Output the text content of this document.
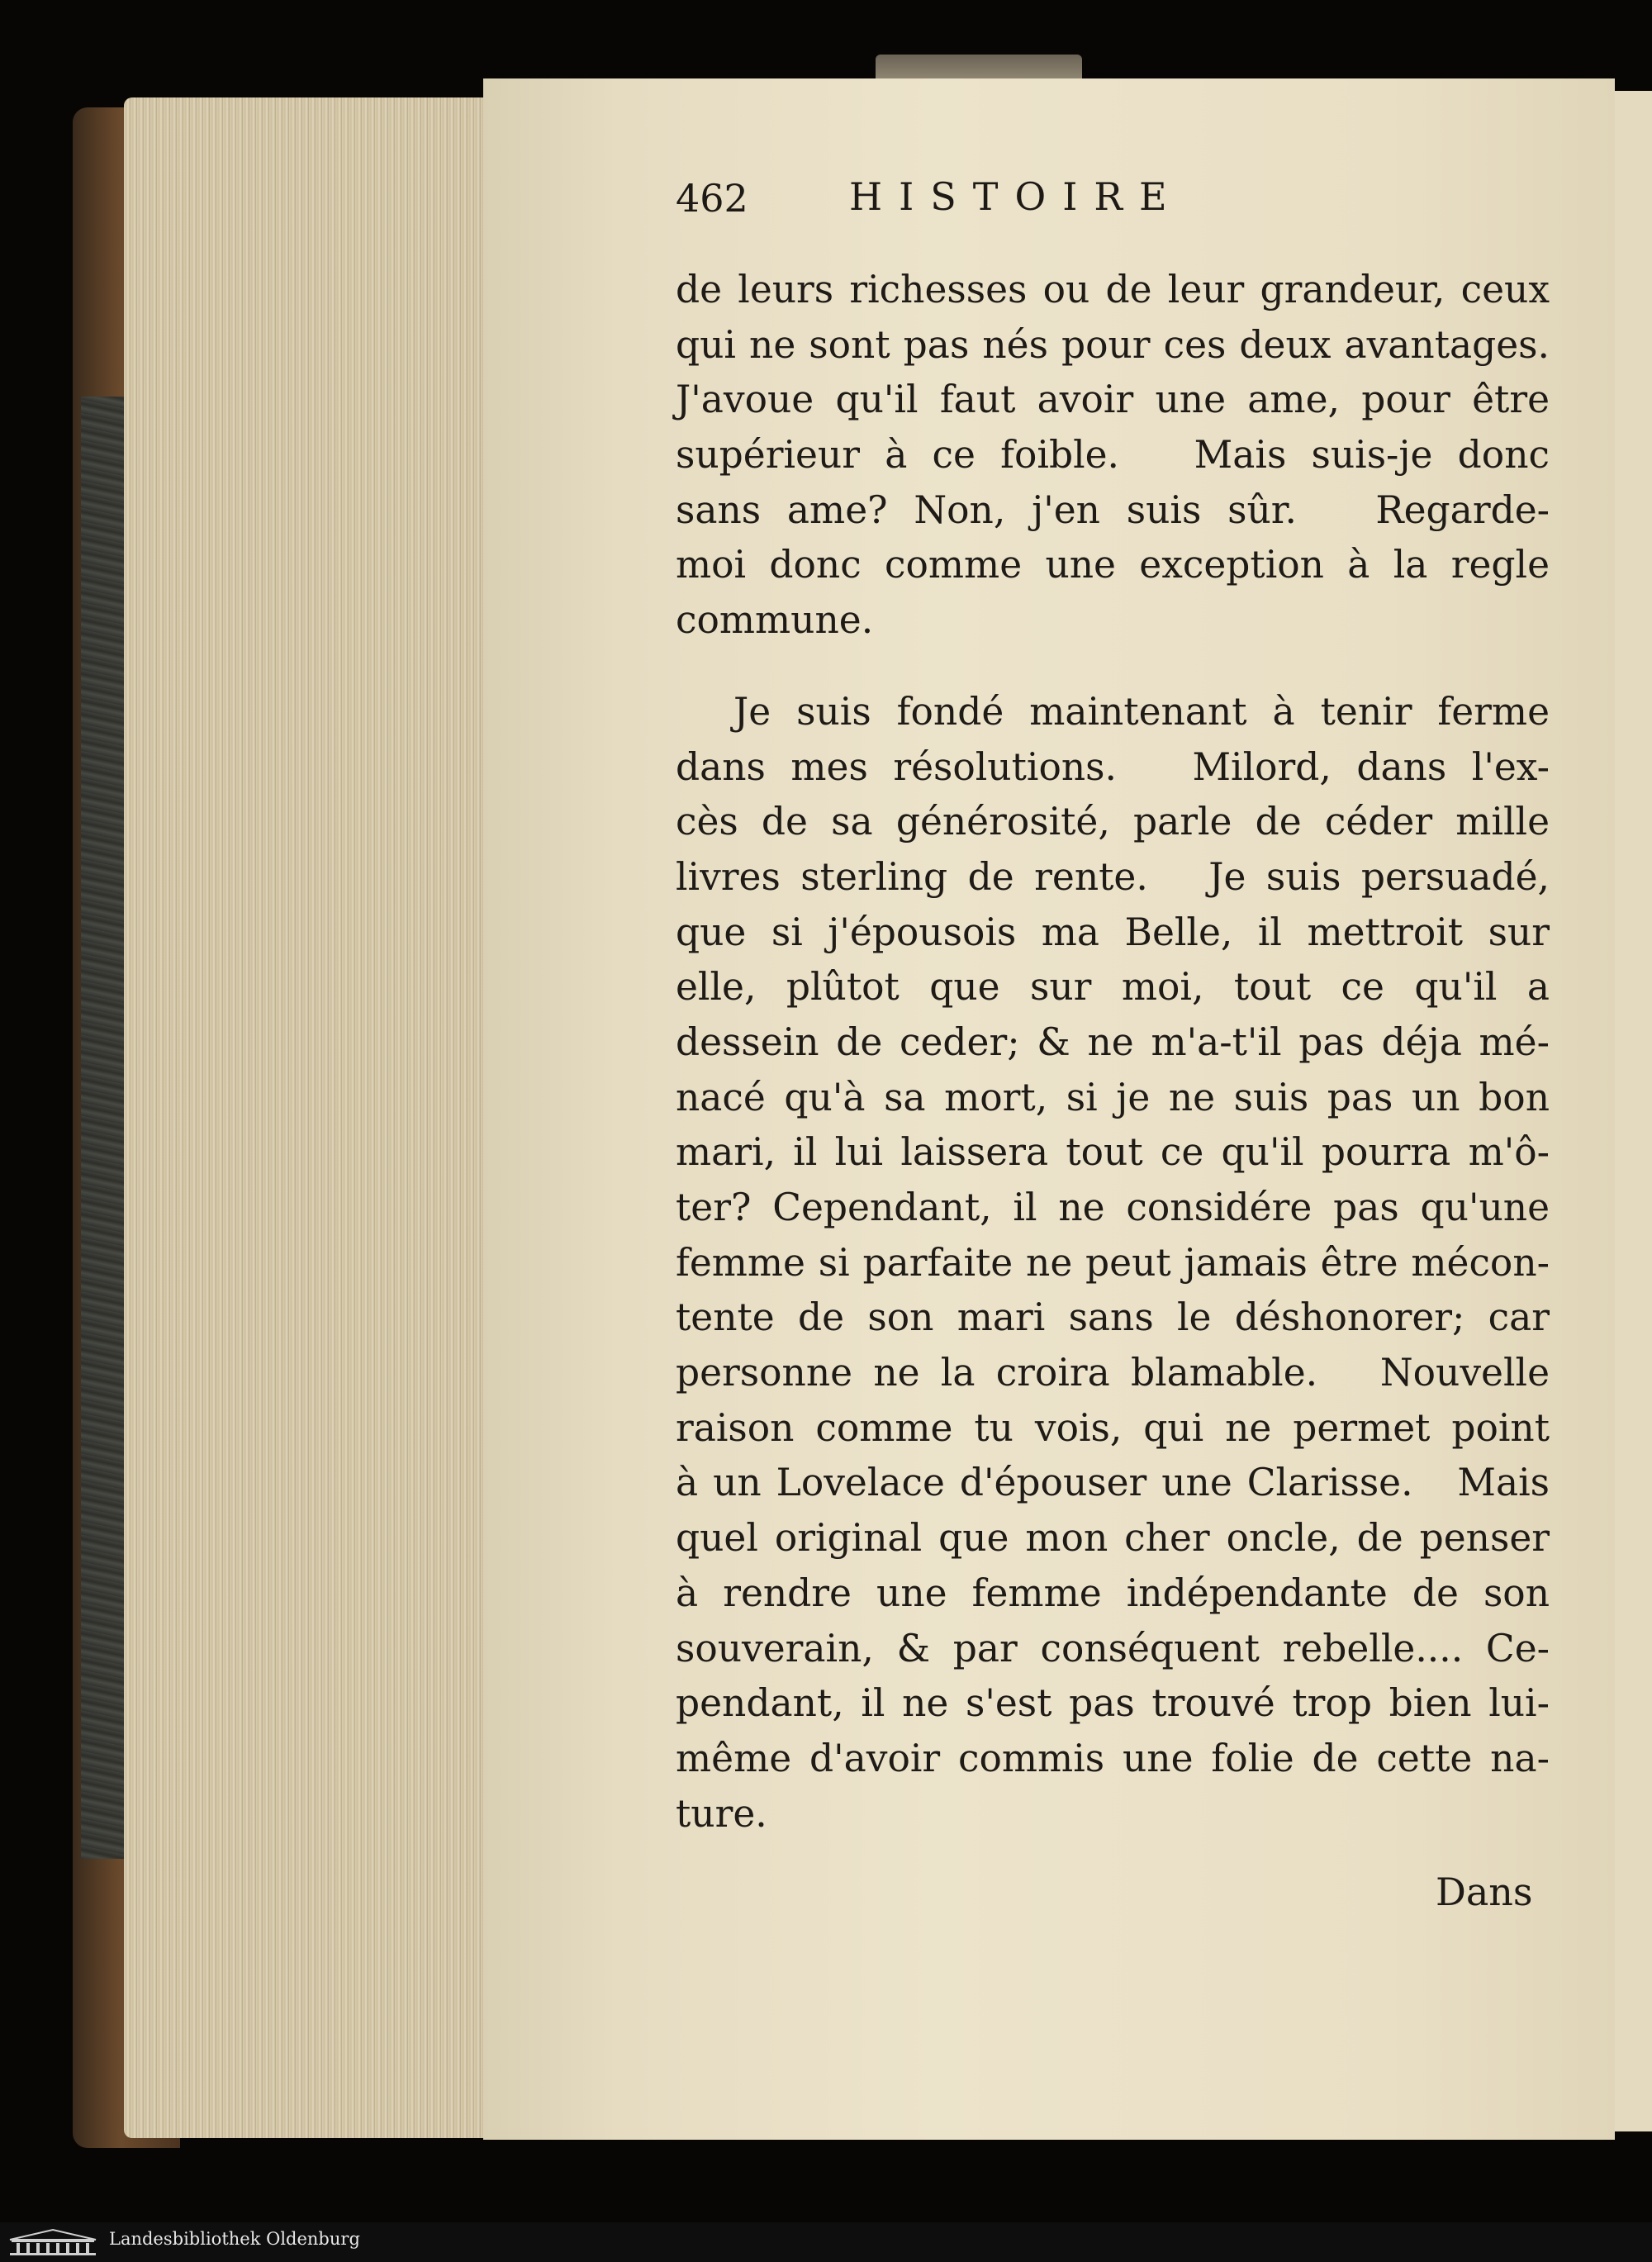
462	HISTOIRE
de leurs richesses ou de leur grandeur, ceux
qui ne sont pas nés pour ces deux avantages.
J'avoue qu'il faut avoir une ame, pour être
supérieur à ce foible.   Mais suis-je donc
sans ame? Non, j'en suis sûr.   Regarde-
moi donc comme une exception à la regle
commune.
Je suis fondé maintenant à tenir ferme
dans mes résolutions.   Milord, dans l'ex-
cès de sa générosité, parle de céder mille
livres sterling de rente.   Je suis persuadé,
que si j'épousois ma Belle, il mettroit sur
elle, plûtot que sur moi, tout ce qu'il a
dessein de ceder; & ne m'a-t'il pas déja mé-
nacé qu'à sa mort, si je ne suis pas un bon
mari, il lui laissera tout ce qu'il pourra m'ô-
ter? Cependant, il ne considére pas qu'une
femme si parfaite ne peut jamais être mécon-
tente de son mari sans le déshonorer; car
personne ne la croira blamable.   Nouvelle
raison comme tu vois, qui ne permet point
à un Lovelace d'épouser une Clarisse.   Mais
quel original que mon cher oncle, de penser
à rendre une femme indépendante de son
souverain, & par conséquent rebelle.... Ce-
pendant, il ne s'est pas trouvé trop bien lui-
même d'avoir commis une folie de cette na-
ture.
Dans
Landesbibliothek Oldenburg
